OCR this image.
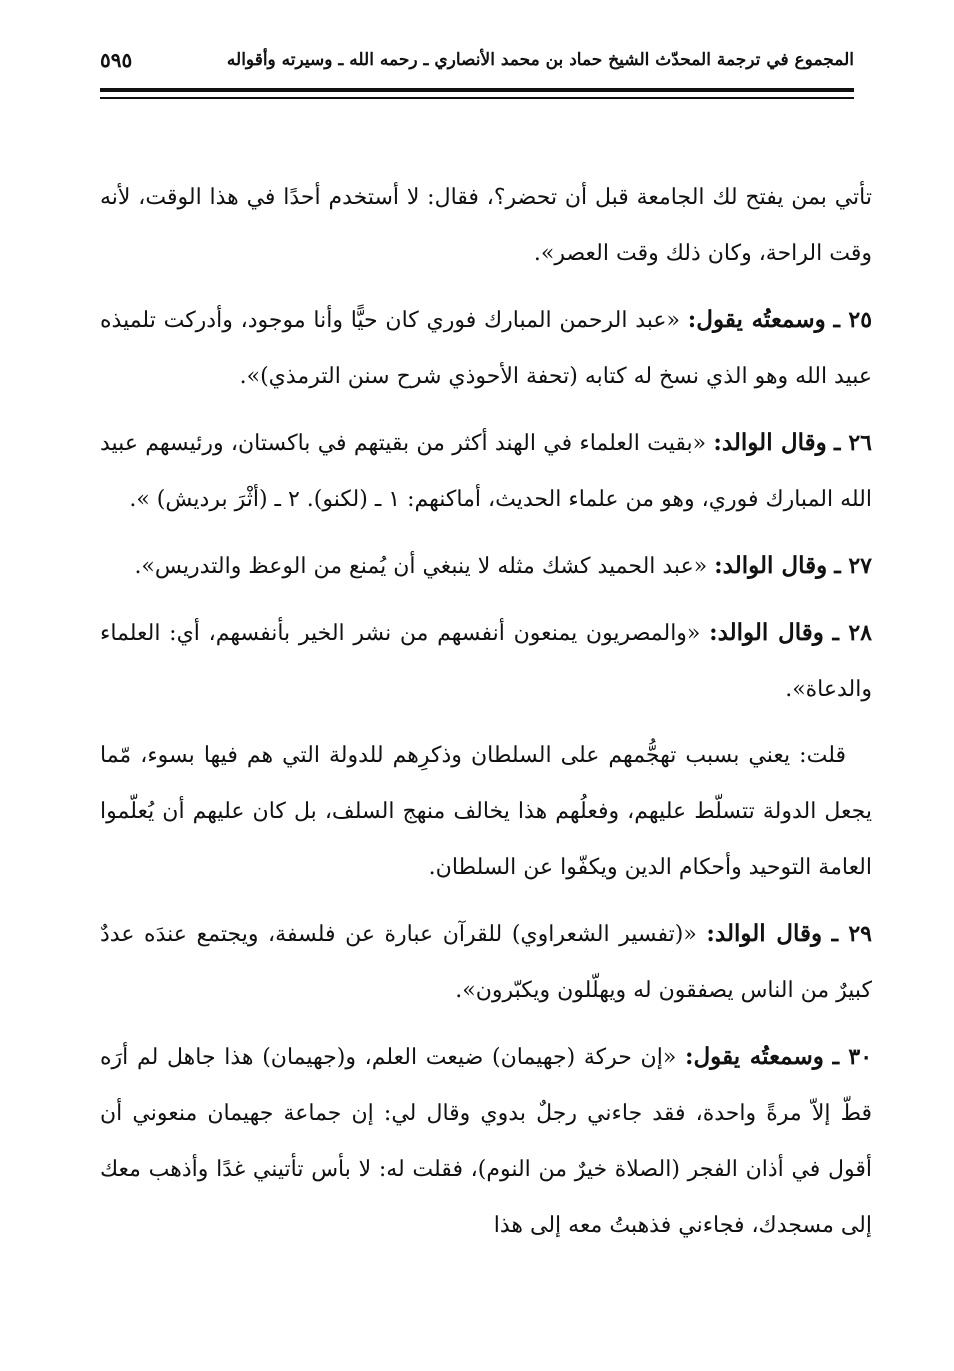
المجموع في ترجمة المحدّث الشيخ حماد بن محمد الأنصاري ـ رحمه الله ـ وسيرته وأقواله
٥٩٥

تأتي بمن يفتح لك الجامعة قبل أن تحضر؟، فقال: لا أستخدم أحدًا في هذا الوقت، لأنه وقت الراحة، وكان ذلك وقت العصر».

٢٥ ـ وسمعتُه يقول: «عبد الرحمن المبارك فوري كان حيًّا وأنا موجود، وأدركت تلميذه عبيد الله وهو الذي نسخ له كتابه (تحفة الأحوذي شرح سنن الترمذي)».

٢٦ ـ وقال الوالد: «بقيت العلماء في الهند أكثر من بقيتهم في باكستان، ورئيسهم عبيد الله المبارك فوري، وهو من علماء الحديث، أماكنهم: ١ ـ (لكنو). ٢ ـ (أثْرَ برديش) ».

٢٧ ـ وقال الوالد: «عبد الحميد كشك مثله لا ينبغي أن يُمنع من الوعظ والتدريس».

٢٨ ـ وقال الوالد: «والمصريون يمنعون أنفسهم من نشر الخير بأنفسهم، أي: العلماء والدعاة».

قلت: يعني بسبب تهجُّمهم على السلطان وذكرِهم للدولة التي هم فيها بسوء، مّما يجعل الدولة تتسلّط عليهم، وفعلُهم هذا يخالف منهج السلف، بل كان عليهم أن يُعلّموا العامة التوحيد وأحكام الدين ويكفّوا عن السلطان.

٢٩ ـ وقال الوالد: «(تفسير الشعراوي) للقرآن عبارة عن فلسفة، ويجتمع عندَه عددٌ كبيرٌ من الناس يصفقون له ويهلّلون ويكبّرون».

٣٠ ـ وسمعتُه يقول: «إن حركة (جهيمان) ضيعت العلم، و(جهيمان) هذا جاهل لم أرَه قطّ إلاّ مرةً واحدة، فقد جاءني رجلٌ بدوي وقال لي: إن جماعة جهيمان منعوني أن أقول في أذان الفجر (الصلاة خيرٌ من النوم)، فقلت له: لا بأس تأتيني غدًا وأذهب معك إلى مسجدك، فجاءني فذهبتُ معه إلى هذا
